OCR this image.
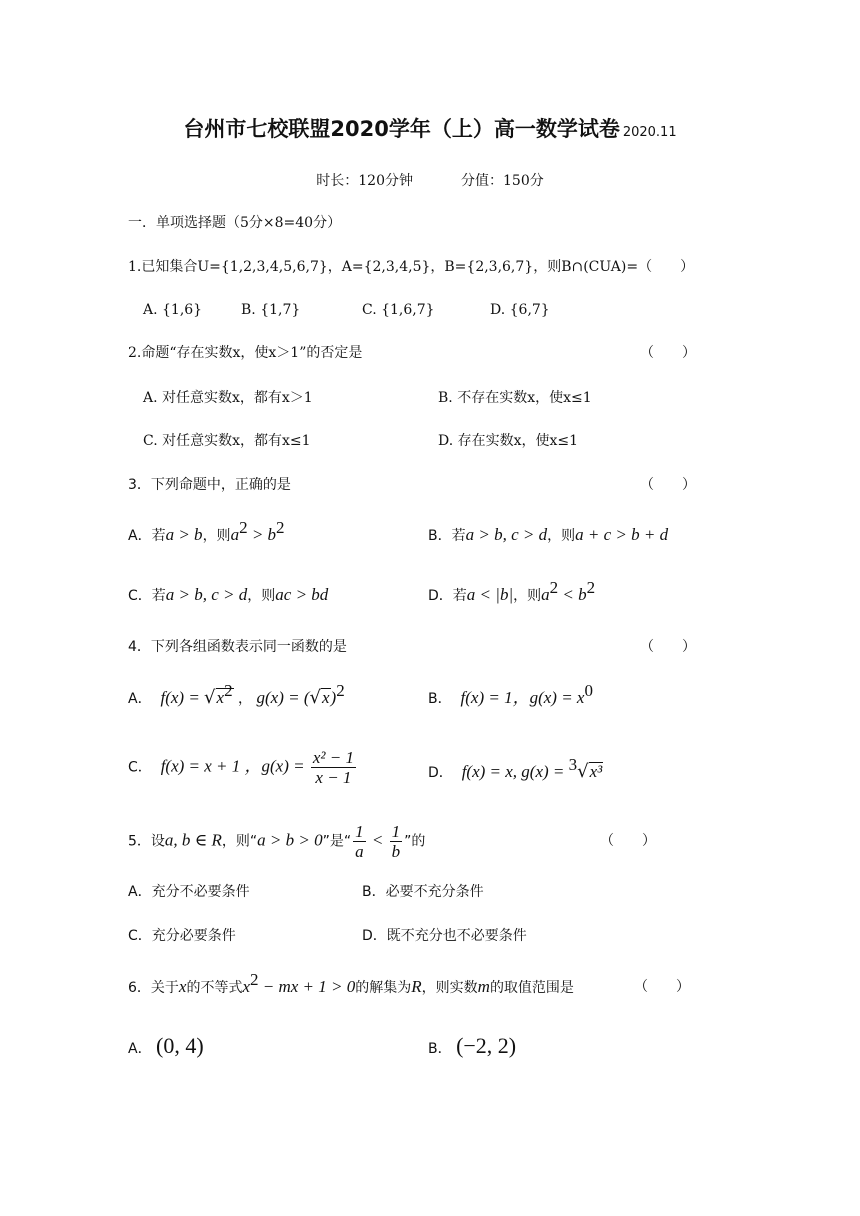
台州市七校联盟2020学年（上）高一数学试卷 2020.11
时长：120分钟	分值：150分
一．单项选择题（5分×8=40分）
1.已知集合U={1,2,3,4,5,6,7}，A={2,3,4,5}，B={2,3,6,7}，则B∩(CUA)=（　　）
A. {1,6}	B. {1,7}	C. {1,6,7}	D. {6,7}
2.命题“存在实数x，使x＞1”的否定是	（　　）
A. 对任意实数x，都有x＞1	B. 不存在实数x，使x≤1
C. 对任意实数x，都有x≤1	D. 存在实数x，使x≤1
3．下列命题中，正确的是	（　　）
A．若a > b，则$a^2 > b^2$	B．若a > b, c > d，则a + c > b + d
C．若a > b, c > d，则ac > bd	D．若a < |b|，则$a^2 < b^2$
4．下列各组函数表示同一函数的是	（　　）
A． $f(x) = √x^2$ ， $g(x) = (√x)^2$	B． f(x) = 1，$g(x) = x^0$
C． f(x) = x + 1 ，$g(x) = \frac{\text{x² − 1}}{x - 1}$	D． f(x) = x, g(x) = $^3$√x³
5．设a, b ∈ R，则“a > b > 0”是“ $\frac{1}{a} < \frac{1}{b}$ ”的	（　　）
A．充分不必要条件	B．必要不充分条件
C．充分必要条件	D．既不充分也不必要条件
6．关于x的不等式$x^2$ − mx + 1 > 0的解集为R，则实数m的取值范围是	（　　）
A． (0, 4)	B． (−2, 2)
